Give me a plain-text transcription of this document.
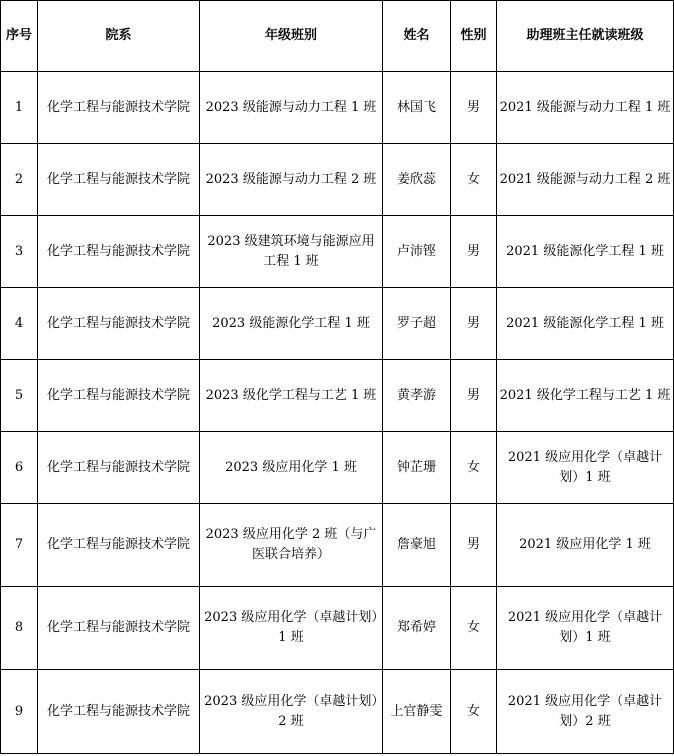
序号	院系	年级班别	姓名	性别	助理班主任就读班级
1	化学工程与能源技术学院	2023 级能源与动力工程 1 班	林国飞	男	2021 级能源与动力工程 1 班
2	化学工程与能源技术学院	2023 级能源与动力工程 2 班	姜欣蕊	女	2021 级能源与动力工程 2 班
3	化学工程与能源技术学院	2023 级建筑环境与能源应用工程 1 班	卢沛铿	男	2021 级能源化学工程 1 班
4	化学工程与能源技术学院	2023 级能源化学工程 1 班	罗子超	男	2021 级能源化学工程 1 班
5	化学工程与能源技术学院	2023 级化学工程与工艺 1 班	黄孝游	男	2021 级化学工程与工艺 1 班
6	化学工程与能源技术学院	2023 级应用化学 1 班	钟芷珊	女	2021 级应用化学（卓越计划）1 班
7	化学工程与能源技术学院	2023 级应用化学 2 班（与广医联合培养）	詹豪旭	男	2021 级应用化学 1 班
8	化学工程与能源技术学院	2023 级应用化学（卓越计划）1 班	郑希婷	女	2021 级应用化学（卓越计划）1 班
9	化学工程与能源技术学院	2023 级应用化学（卓越计划）2 班	上官静雯	女	2021 级应用化学（卓越计划）2 班
